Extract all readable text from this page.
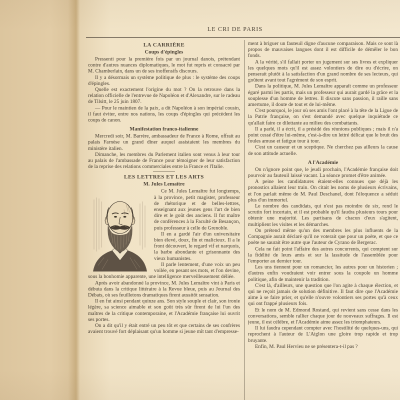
LE CRI DE PARIS
LA CARRIÈRE
Coups d'épingles

Pressenti pour la première fois par un journal danois, prétendant contre d'autres nuances diplomatiques, le mot fut repris et consacré par M. Chamberlain, dans un de ses inoffensifs discours.

Il y a désormais un système politique de plus : le système des coups d'épingles.

Quelle est exactement l'origine du mot ? On la retrouve dans la relation officielle de l'entrevue de Napoléon et d'Alexandre, sur le radeau de Tilsitt, le 25 juin 1807.

— Pour le maintien de la paix, a dit Napoléon à son impérial cousin, il faut éviter, entre nos nations, les coups d'épingles qui précèdent les coups de canon.

Manifestation franco-italienne

Mercredi soir, M. Barrère, ambassadeur de France à Rome, offrait au palais Farnèse un grand dîner auquel assistaient les membres du ministère italien.

Dimanche, les membres du Parlement italien sont venus à leur tour au palais de l'ambassade de France pour témoigner de leur satisfaction de la reprise des relations commerciales entre la France et l'Italie.

LES LETTRES ET LES ARTS
M. Jules Lemaître

Ce M. Jules Lemaître fut longtemps, à la province, petit magister, professeur de rhétorique et de belles-lettres, enseignant aux jeunes gens l'art de bien dire et le goût des anciens. Il fut maître de conférences à la Faculté de Besançon, puis professeur à celle de Grenoble.

Il en a gardé l'air d'un universitaire bien élevé, doux, fin et malicieux. Il a le front découvert, le regard vif et narquois, la barbe abondante et grisonnante des vieux humanistes.

Il parle lentement, d'une voix un peu voilée, en pesant ses mots, et l'on devine, sous la bonhomie apparente, une intelligence merveilleusement déliée.

Après avoir abandonné la province, M. Jules Lemaître vint à Paris et débuta dans la critique littéraire à la Revue bleue, puis au Journal des Débats, où ses feuilletons dramatiques firent aussitôt sensation.

Il en fut ainsi pendant quinze ans. Son style souple et clair, son ironie légère, sa science aimable et son goût très sûr firent de lui l'un des maîtres de la critique contemporaine, et l'Académie française lui ouvrit ses portes.

On a dit qu'il y était entré un peu tôt et que certains de ses confrères avaient trouvé fort déplaisant qu'un homme si jeune mît tant d'empresse-

ment à briguer un fauteuil digne d'aucune comparaison. Mais ce sont là propos de mauvaises langues dont il est difficile de démêler le bon fonds.

A la vérité, s'il fallait porter un jugement sur ses livres et expliquer les quelques mots qu'il est assez volontiers de dire ou d'écrire, on penserait plutôt à la satisfaction d'un grand nombre de ses lecteurs, qui goûtent avant tout l'agrément de son esprit.

Dans la politique, M. Jules Lemaître apparaît comme un professeur égaré parmi les partis, mais un professeur qui aurait gardé la grâce et la souplesse d'un homme de lettres. Il discute sans passion, il raille sans amertume, il doute de tout et de lui-même.

C'est pourquoi, le jour où ses amis l'ont placé à la tête de la Ligue de la Patrie française, on s'est demandé avec quelque inquiétude ce qu'allait faire ce dilettante au milieu des combattants.

Il a parlé, il a écrit, il a présidé des réunions publiques ; mais il n'a point cessé d'être lui-même, c'est-à-dire un lettré délicat que le bruit des foules amuse et fatigue tour à tour.

C'est un causeur et un sceptique. Ne cherchez pas ailleurs la cause de son attitude actuelle.

A l'Académie

On n'ignore point que, le jeudi prochain, l'Académie française doit pourvoir au fauteuil laissé vacant. La séance promet d'être animée.

A peine les candidatures étaient-elles connues que déjà les pronostics allaient leur train. On citait les noms de plusieurs écrivains, et l'on parlait même de M. Paul Deschanel, dont l'éloquence a séduit plus d'un immortel.

Le nombre des candidats, qui n'est pas moindre de six, rend le scrutin fort incertain, et il est probable qu'il faudra plusieurs tours pour obtenir une majorité. Les partisans de chacun d'eux s'agitent, multiplient les visites et les démarches.

On prétend même qu'un des membres les plus influents de la Compagnie aurait déclaré qu'il ne voterait que pour un poète, et que ce poète ne saurait être autre que l'auteur de Cyrano de Bergerac.

Cela ne fait point l'affaire des autres concurrents, qui comptent sur la fidélité de leurs amis et sur la lassitude de l'assemblée pour l'emporter au dernier tour.

Les uns tiennent pour un romancier, les autres pour un historien ; d'autres enfin voudraient voir entrer sous la coupole un homme politique, afin de maintenir la tradition.

C'est là, d'ailleurs, une question que l'on agite à chaque élection, et qui ne reçoit jamais de solution définitive. Il faut dire que l'Académie aime à se faire prier, et qu'elle n'ouvre volontiers ses portes qu'à ceux qui ont frappé plusieurs fois.

Et le nom de M. Edmond Rostand, qui revient sans cesse dans les conversations, semble rallier chaque jour de nouveaux suffrages. Il est jeune, il est célèbre, et l'Académie aime assez les triomphateurs.

Il lui faudra cependant compter avec l'hostilité de quelques-uns, qui reprochent à l'auteur de L'Aiglon une gloire trop rapide et trop bruyante.

Enfin, M. Paul Hervieu ne se présentera-t-il pas ?
